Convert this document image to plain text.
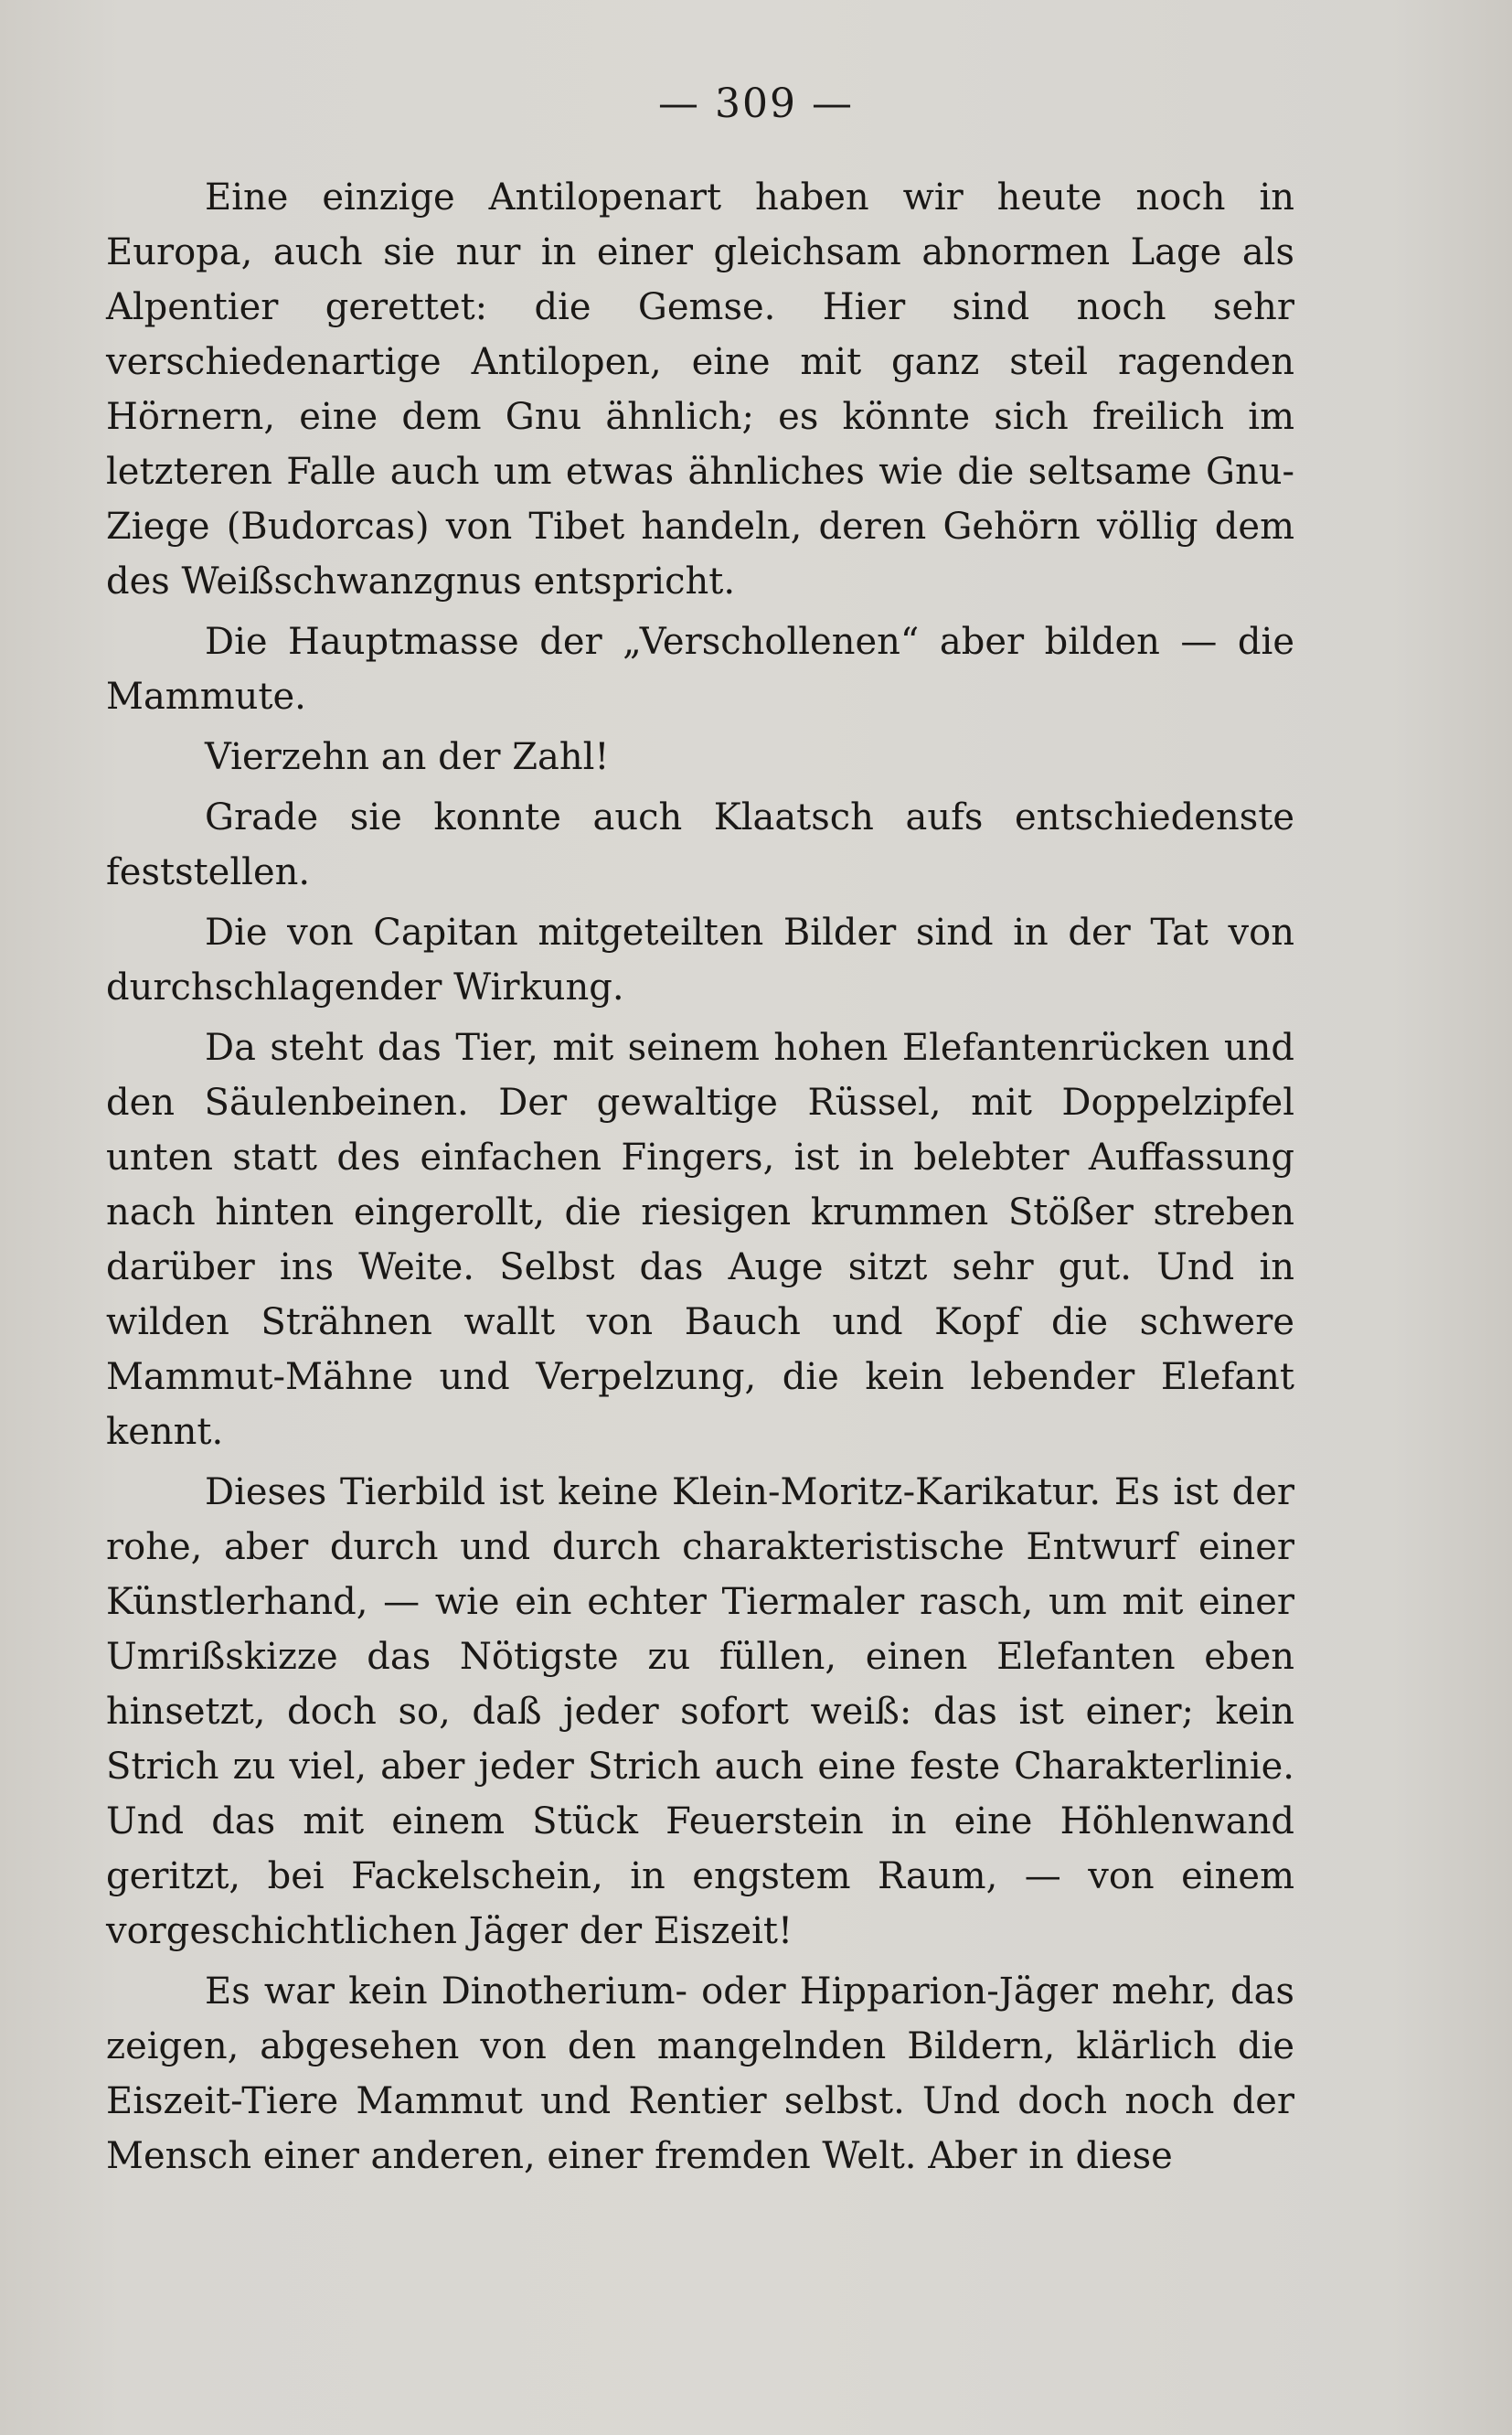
— 309 —

Eine einzige Antilopenart haben wir heute noch in Europa, auch sie nur in einer gleichsam abnormen Lage als Alpentier gerettet: die Gemse. Hier sind noch sehr verschiedenartige Antilopen, eine mit ganz steil ragenden Hörnern, eine dem Gnu ähnlich; es könnte sich freilich im letzteren Falle auch um etwas ähnliches wie die seltsame Gnu-Ziege (Budorcas) von Tibet handeln, deren Gehörn völlig dem des Weißschwanzgnus entspricht.

Die Hauptmasse der „Verschollenen“ aber bilden — die Mammute.

Vierzehn an der Zahl!

Grade sie konnte auch Klaatsch aufs entschiedenste feststellen.

Die von Capitan mitgeteilten Bilder sind in der Tat von durchschlagender Wirkung.

Da steht das Tier, mit seinem hohen Elefantenrücken und den Säulenbeinen. Der gewaltige Rüssel, mit Doppelzipfel unten statt des einfachen Fingers, ist in belebter Auffassung nach hinten eingerollt, die riesigen krummen Stößer streben darüber ins Weite. Selbst das Auge sitzt sehr gut. Und in wilden Strähnen wallt von Bauch und Kopf die schwere Mammut-Mähne und Verpelzung, die kein lebender Elefant kennt.

Dieses Tierbild ist keine Klein-Moritz-Karikatur. Es ist der rohe, aber durch und durch charakteristische Entwurf einer Künstlerhand, — wie ein echter Tiermaler rasch, um mit einer Umrißskizze das Nötigste zu füllen, einen Elefanten eben hinsetzt, doch so, daß jeder sofort weiß: das ist einer; kein Strich zu viel, aber jeder Strich auch eine feste Charakterlinie. Und das mit einem Stück Feuerstein in eine Höhlenwand geritzt, bei Fackelschein, in engstem Raum, — von einem vorgeschichtlichen Jäger der Eiszeit!

Es war kein Dinotherium- oder Hipparion-Jäger mehr, das zeigen, abgesehen von den mangelnden Bildern, klärlich die Eiszeit-Tiere Mammut und Rentier selbst. Und doch noch der Mensch einer anderen, einer fremden Welt. Aber in diese
